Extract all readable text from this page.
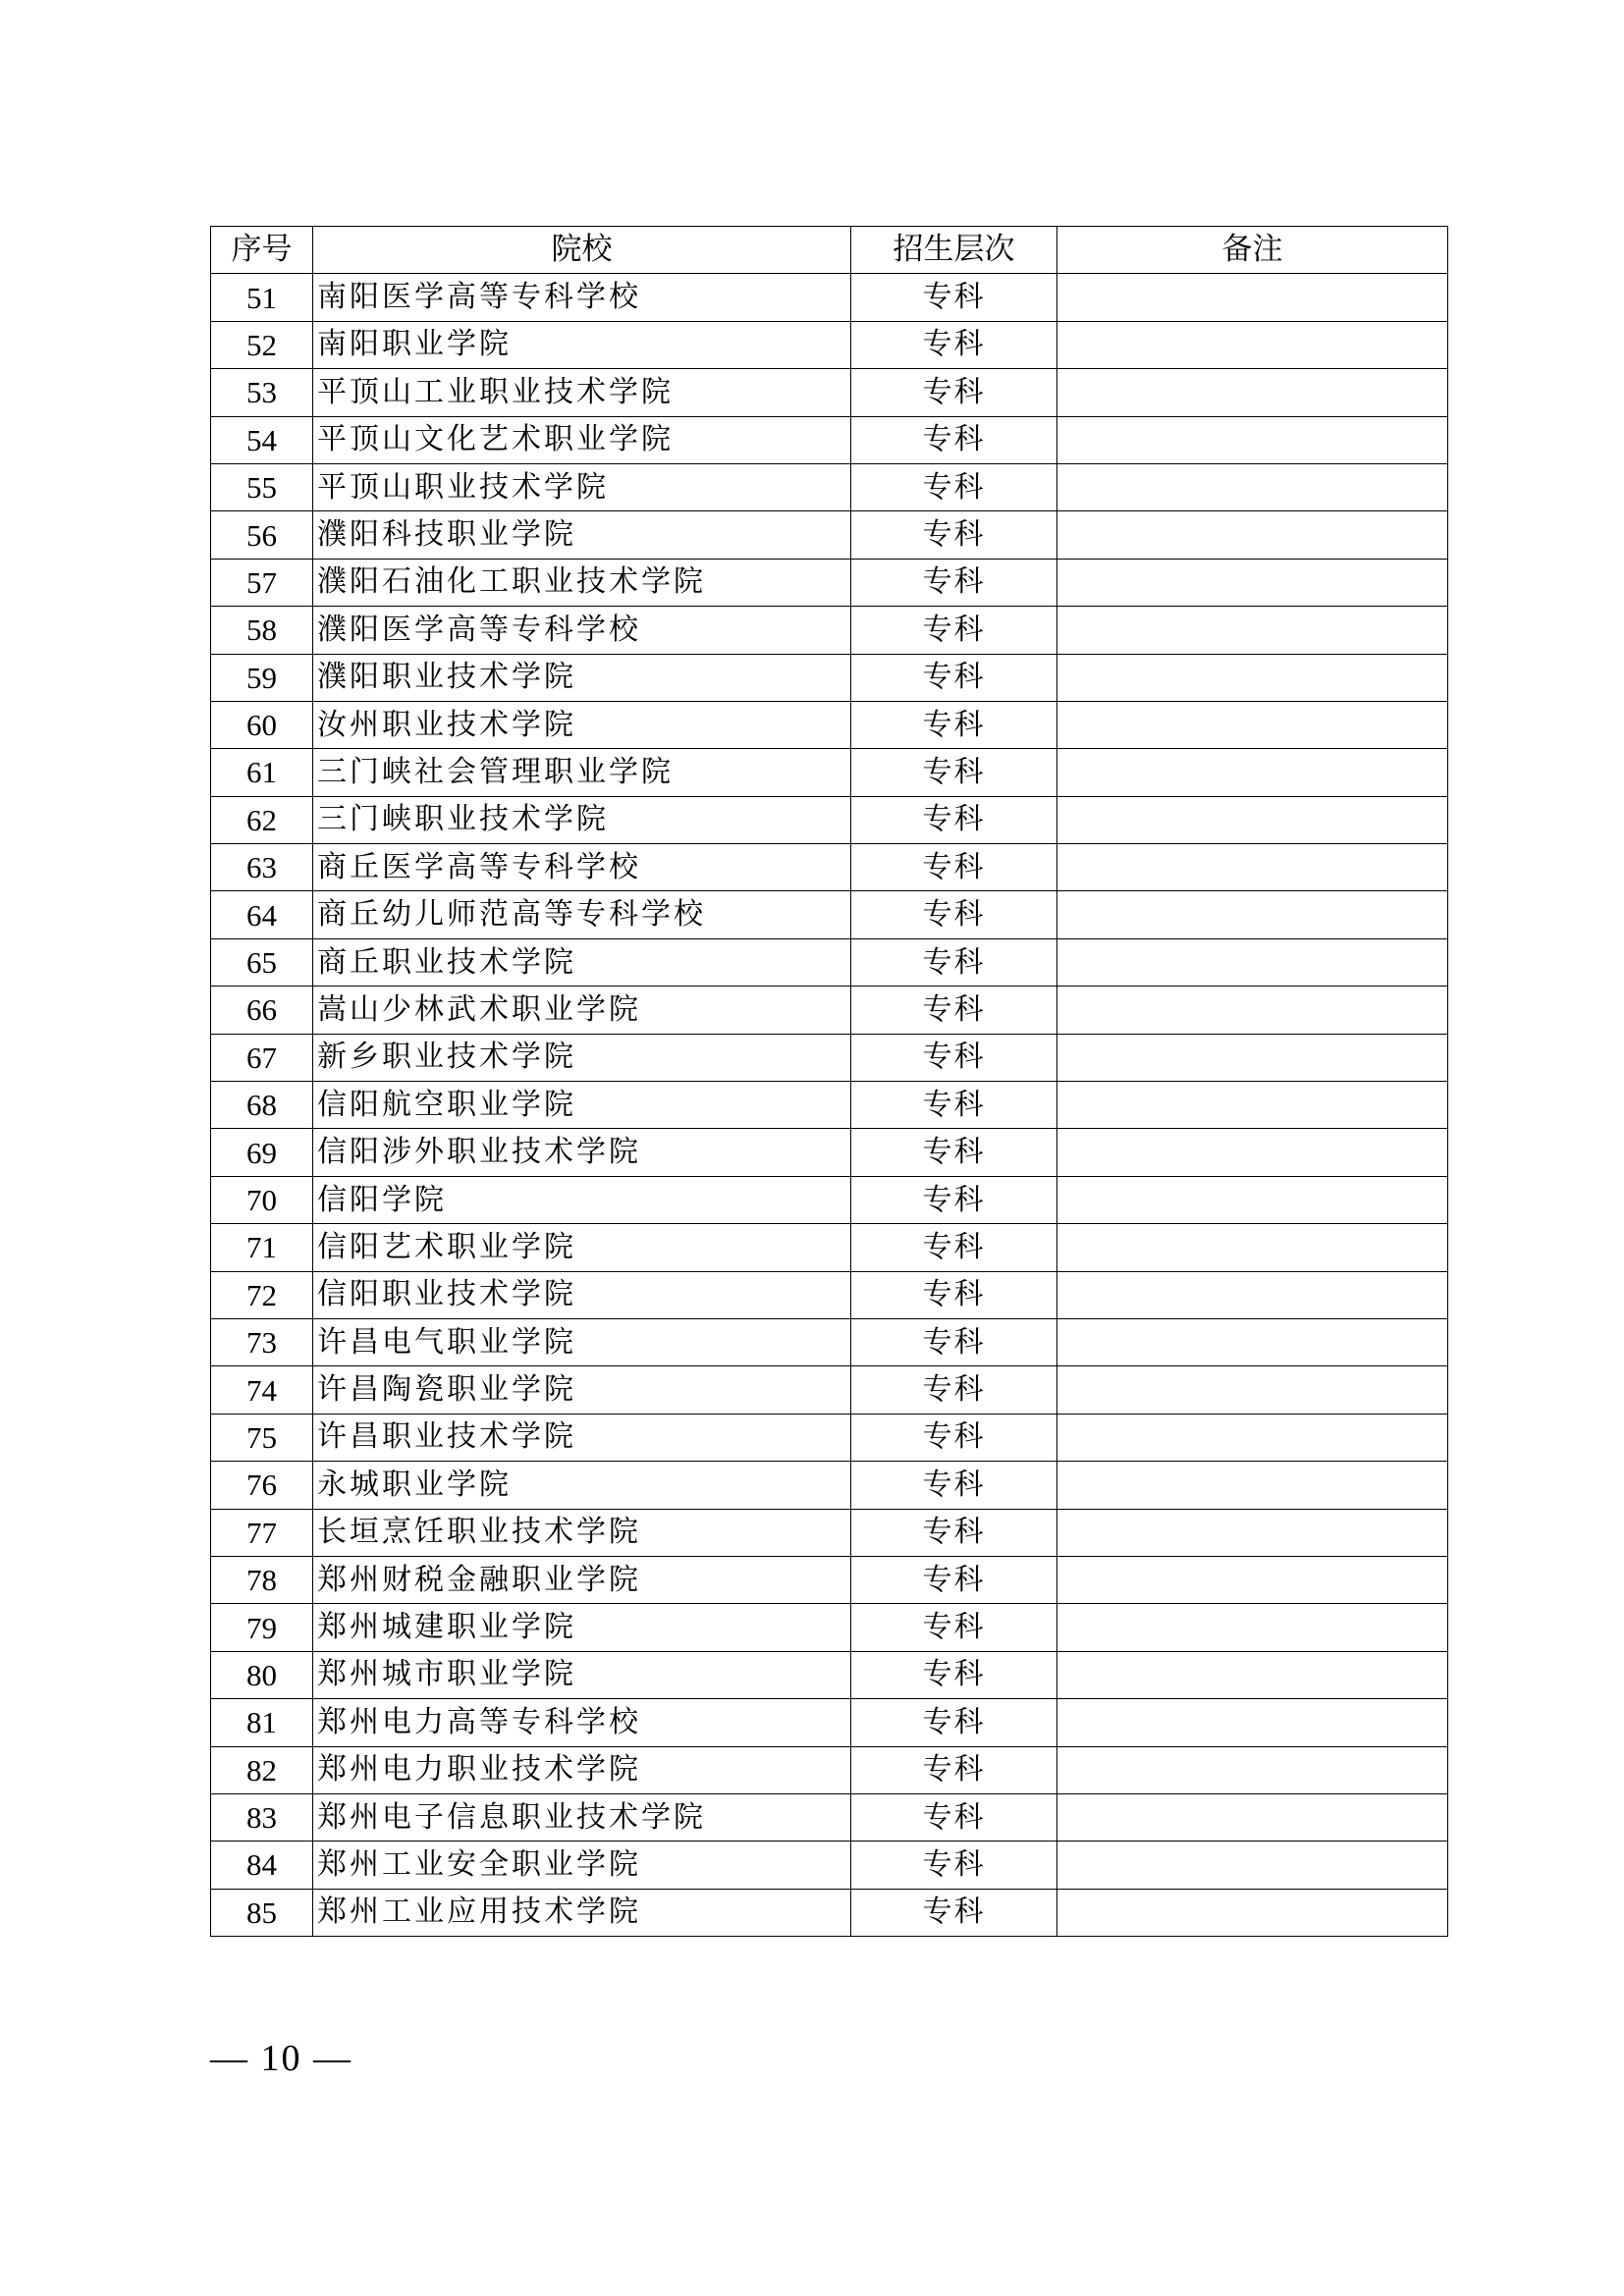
序号	院校	招生层次	备注
51	南阳医学高等专科学校	专科	
52	南阳职业学院	专科	
53	平顶山工业职业技术学院	专科	
54	平顶山文化艺术职业学院	专科	
55	平顶山职业技术学院	专科	
56	濮阳科技职业学院	专科	
57	濮阳石油化工职业技术学院	专科	
58	濮阳医学高等专科学校	专科	
59	濮阳职业技术学院	专科	
60	汝州职业技术学院	专科	
61	三门峡社会管理职业学院	专科	
62	三门峡职业技术学院	专科	
63	商丘医学高等专科学校	专科	
64	商丘幼儿师范高等专科学校	专科	
65	商丘职业技术学院	专科	
66	嵩山少林武术职业学院	专科	
67	新乡职业技术学院	专科	
68	信阳航空职业学院	专科	
69	信阳涉外职业技术学院	专科	
70	信阳学院	专科	
71	信阳艺术职业学院	专科	
72	信阳职业技术学院	专科	
73	许昌电气职业学院	专科	
74	许昌陶瓷职业学院	专科	
75	许昌职业技术学院	专科	
76	永城职业学院	专科	
77	长垣烹饪职业技术学院	专科	
78	郑州财税金融职业学院	专科	
79	郑州城建职业学院	专科	
80	郑州城市职业学院	专科	
81	郑州电力高等专科学校	专科	
82	郑州电力职业技术学院	专科	
83	郑州电子信息职业技术学院	专科	
84	郑州工业安全职业学院	专科	
85	郑州工业应用技术学院	专科	
— 10 —
